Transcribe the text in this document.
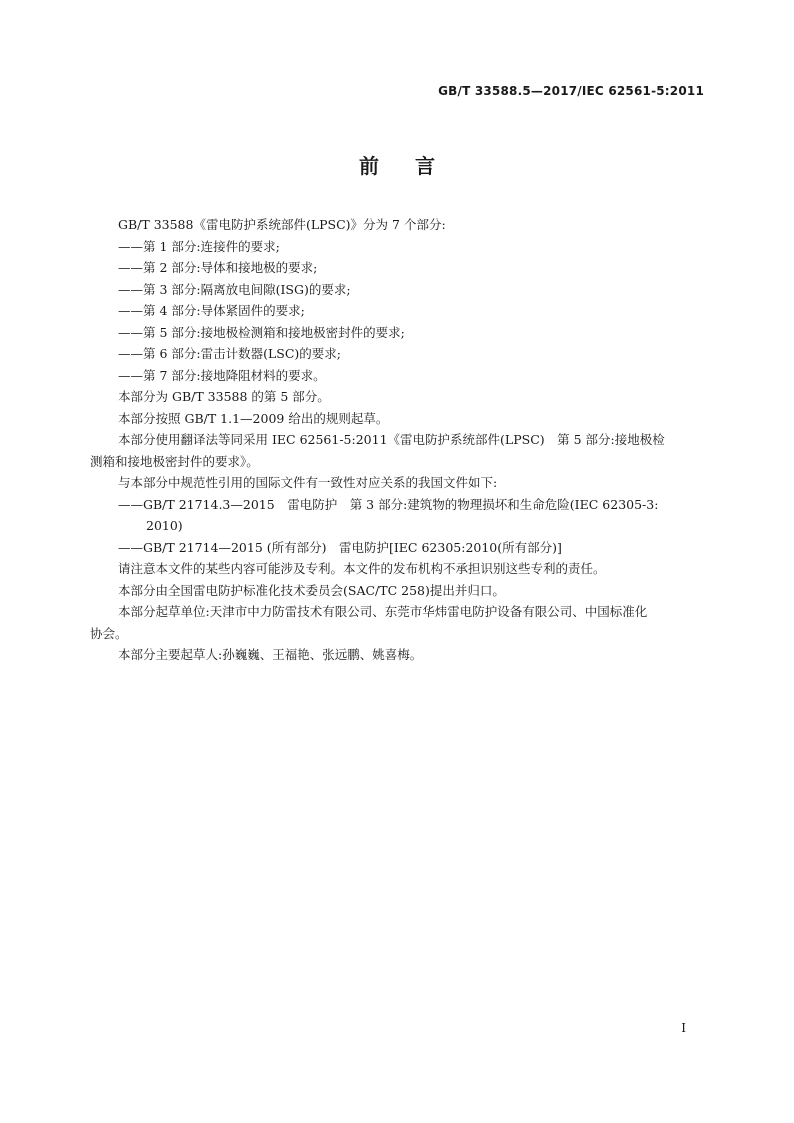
GB/T 33588.5—2017/IEC 62561-5:2011
前言

GB/T 33588《雷电防护系统部件(LPSC)》分为 7 个部分:

——第 1 部分:连接件的要求;

——第 2 部分:导体和接地极的要求;

——第 3 部分:隔离放电间隙(ISG)的要求;

——第 4 部分:导体紧固件的要求;

——第 5 部分:接地极检测箱和接地极密封件的要求;

——第 6 部分:雷击计数器(LSC)的要求;

——第 7 部分:接地降阻材料的要求。

本部分为 GB/T 33588 的第 5 部分。

本部分按照 GB/T 1.1—2009 给出的规则起草。

本部分使用翻译法等同采用 IEC 62561-5:2011《雷电防护系统部件(LPSC)　第 5 部分:接地极检

测箱和接地极密封件的要求》。

与本部分中规范性引用的国际文件有一致性对应关系的我国文件如下:

——GB/T 21714.3—2015　雷电防护　第 3 部分:建筑物的物理损坏和生命危险(IEC 62305-3:

2010)

——GB/T 21714—2015 (所有部分)　雷电防护[IEC 62305:2010(所有部分)]

请注意本文件的某些内容可能涉及专利。本文件的发布机构不承担识别这些专利的责任。

本部分由全国雷电防护标准化技术委员会(SAC/TC 258)提出并归口。

本部分起草单位:天津市中力防雷技术有限公司、东莞市华炜雷电防护设备有限公司、中国标准化

协会。

本部分主要起草人:孙巍巍、王福艳、张远鹏、姚喜梅。

I
